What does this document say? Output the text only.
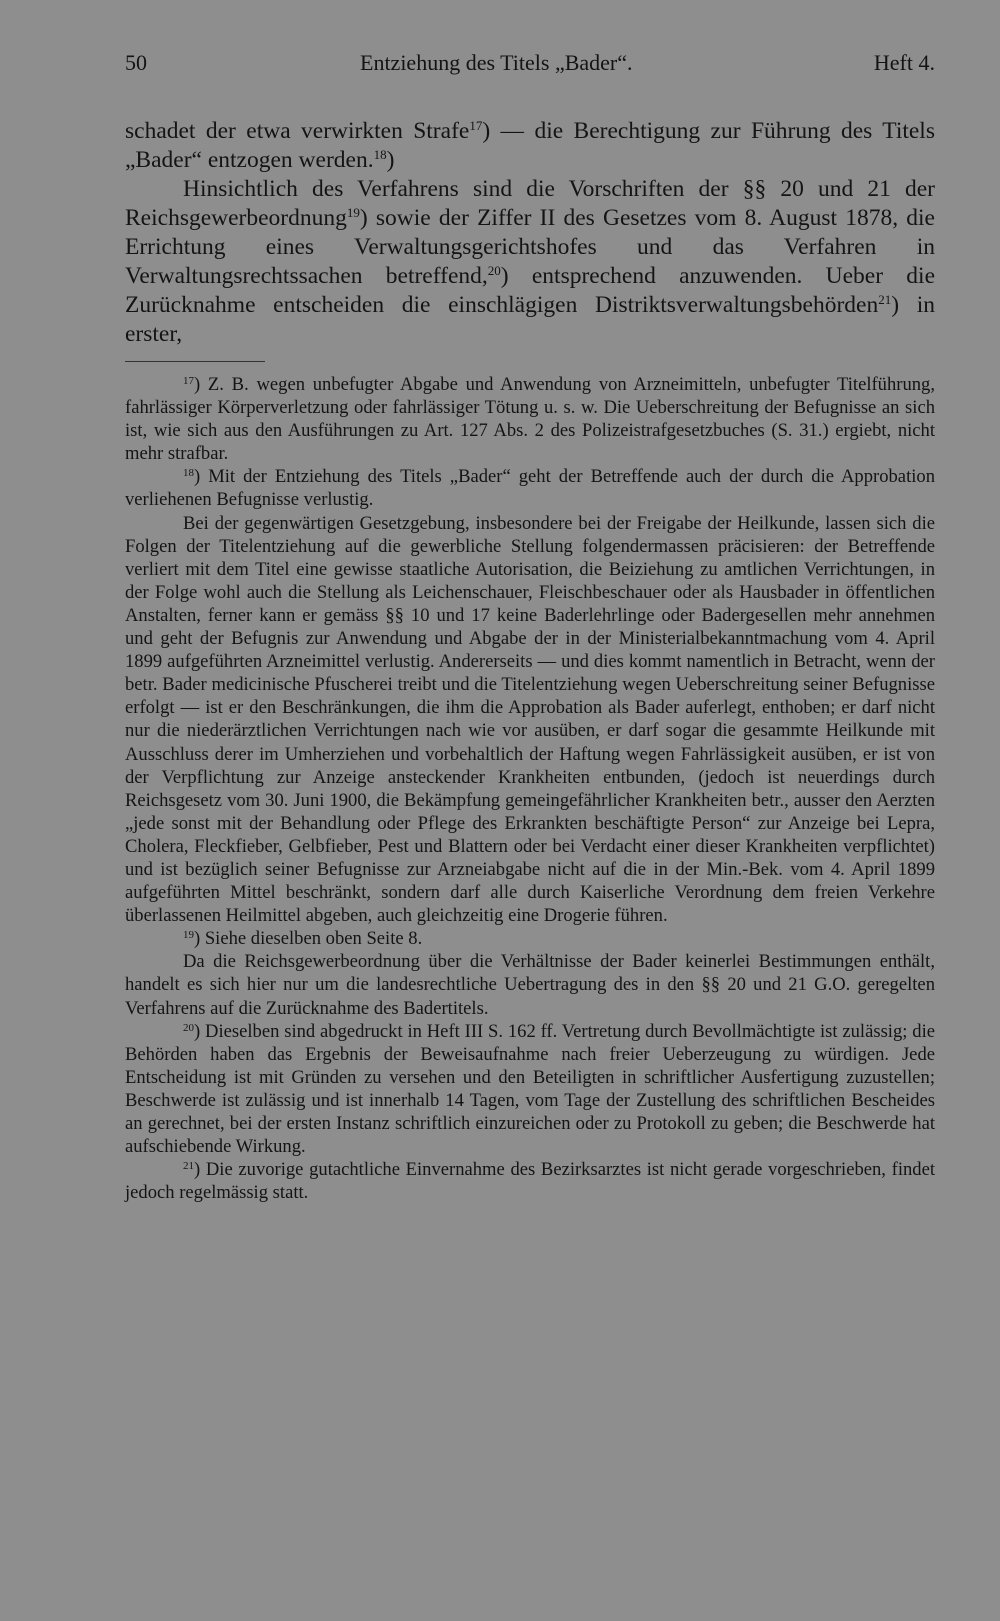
50	Entziehung des Titels „Bader“.	Heft 4.

schadet der etwa verwirkten Strafe$^{17}$) — die Berechtigung zur Führung des Titels „Bader“ entzogen werden.$^{18}$)

Hinsichtlich des Verfahrens sind die Vorschriften der §§ 20 und 21 der Reichsgewerbeordnung$^{19}$) sowie der Ziffer II des Gesetzes vom 8. August 1878, die Errichtung eines Verwaltungsgerichtshofes und das Verfahren in Verwaltungsrechtssachen betreffend,$^{20}$) entsprechend anzuwenden. Ueber die Zurücknahme entscheiden die einschlägigen Distriktsverwaltungsbehörden$^{21}$) in erster,

$^{17}$) Z. B. wegen unbefugter Abgabe und Anwendung von Arzneimitteln, unbefugter Titelführung, fahrlässiger Körperverletzung oder fahrlässiger Tötung u. s. w. Die Ueberschreitung der Befugnisse an sich ist, wie sich aus den Ausführungen zu Art. 127 Abs. 2 des Polizeistrafgesetzbuches (S. 31.) ergiebt, nicht mehr strafbar.

$^{18}$) Mit der Entziehung des Titels „Bader“ geht der Betreffende auch der durch die Approbation verliehenen Befugnisse verlustig.

Bei der gegenwärtigen Gesetzgebung, insbesondere bei der Freigabe der Heilkunde, lassen sich die Folgen der Titelentziehung auf die gewerbliche Stellung folgendermassen präcisieren: der Betreffende verliert mit dem Titel eine gewisse staatliche Autorisation, die Beiziehung zu amtlichen Verrichtungen, in der Folge wohl auch die Stellung als Leichenschauer, Fleischbeschauer oder als Hausbader in öffentlichen Anstalten, ferner kann er gemäss §§ 10 und 17 keine Baderlehrlinge oder Badergesellen mehr annehmen und geht der Befugnis zur Anwendung und Abgabe der in der Ministerialbekanntmachung vom 4. April 1899 aufgeführten Arzneimittel verlustig. Andererseits — und dies kommt namentlich in Betracht, wenn der betr. Bader medicinische Pfuscherei treibt und die Titelentziehung wegen Ueberschreitung seiner Befugnisse erfolgt — ist er den Beschränkungen, die ihm die Approbation als Bader auferlegt, enthoben; er darf nicht nur die niederärztlichen Verrichtungen nach wie vor ausüben, er darf sogar die gesammte Heilkunde mit Ausschluss derer im Umherziehen und vorbehaltlich der Haftung wegen Fahrlässigkeit ausüben, er ist von der Verpflichtung zur Anzeige ansteckender Krankheiten entbunden, (jedoch ist neuerdings durch Reichsgesetz vom 30. Juni 1900, die Bekämpfung gemeingefährlicher Krankheiten betr., ausser den Aerzten „jede sonst mit der Behandlung oder Pflege des Erkrankten beschäftigte Person“ zur Anzeige bei Lepra, Cholera, Fleckfieber, Gelbfieber, Pest und Blattern oder bei Verdacht einer dieser Krankheiten verpflichtet) und ist bezüglich seiner Befugnisse zur Arzneiabgabe nicht auf die in der Min.-Bek. vom 4. April 1899 aufgeführten Mittel beschränkt, sondern darf alle durch Kaiserliche Verordnung dem freien Verkehre überlassenen Heilmittel abgeben, auch gleichzeitig eine Drogerie führen.

$^{19}$) Siehe dieselben oben Seite 8.

Da die Reichsgewerbeordnung über die Verhältnisse der Bader keinerlei Bestimmungen enthält, handelt es sich hier nur um die landesrechtliche Uebertragung des in den §§ 20 und 21 G.O. geregelten Verfahrens auf die Zurücknahme des Badertitels.

$^{20}$) Dieselben sind abgedruckt in Heft III S. 162 ff. Vertretung durch Bevollmächtigte ist zulässig; die Behörden haben das Ergebnis der Beweisaufnahme nach freier Ueberzeugung zu würdigen. Jede Entscheidung ist mit Gründen zu versehen und den Beteiligten in schriftlicher Ausfertigung zuzustellen; Beschwerde ist zulässig und ist innerhalb 14 Tagen, vom Tage der Zustellung des schriftlichen Bescheides an gerechnet, bei der ersten Instanz schriftlich einzureichen oder zu Protokoll zu geben; die Beschwerde hat aufschiebende Wirkung.

$^{21}$) Die zuvorige gutachtliche Einvernahme des Bezirksarztes ist nicht gerade vorgeschrieben, findet jedoch regelmässig statt.
